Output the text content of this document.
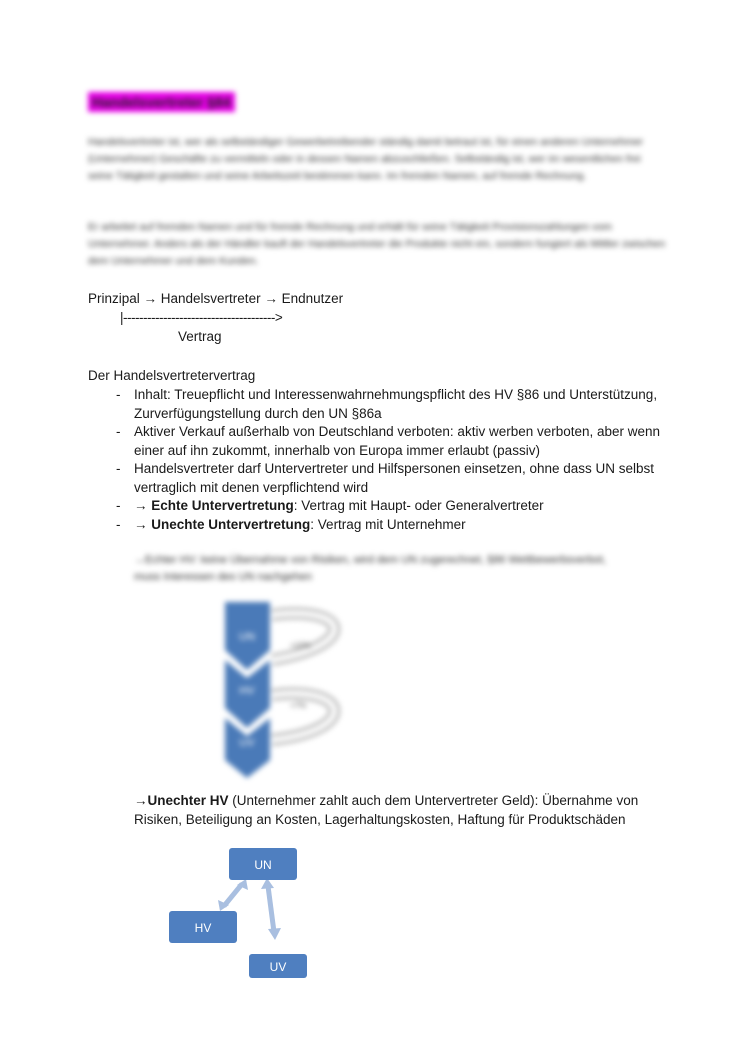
Handelsvertreter §84
Handelsvertreter ist, wer als selbständiger Gewerbetreibender ständig damit betraut ist, für einen anderen Unternehmer (Unternehmer) Geschäfte zu vermitteln oder in dessen Namen abzuschließen. Selbständig ist, wer im wesentlichen frei seine Tätigkeit gestalten und seine Arbeitszeit bestimmen kann. Im fremden Namen, auf fremde Rechnung.
Er arbeitet auf fremden Namen und für fremde Rechnung und erhält für seine Tätigkeit Provisionszahlungen vom Unternehmer. Anders als der Händler kauft der Handelsvertreter die Produkte nicht ein, sondern fungiert als Mittler zwischen dem Unternehmer und dem Kunden.
Prinzipal → Handelsvertreter → Endnutzer
|-------------------------------------->
Vertrag
Der Handelsvertretervertrag
- Inhalt: Treuepflicht und Interessenwahrnehmungspflicht des HV §86 und Unterstützung, Zurverfügungstellung durch den UN §86a
- Aktiver Verkauf außerhalb von Deutschland verboten: aktiv werben verboten, aber wenn einer auf ihn zukommt, innerhalb von Europa immer erlaubt (passiv)
- Handelsvertreter darf Untervertreter und Hilfspersonen einsetzen, ohne dass UN selbst vertraglich mit denen verpflichtend wird
- → Echte Untervertretung: Vertrag mit Haupt- oder Generalvertreter
- → Unechte Untervertretung: Vertrag mit Unternehmer
→Echter HV: keine Übernahme von Risiken, wird dem UN zugerechnet, §86 Wettbewerbsverbot, muss Interessen des UN nachgehen
UN
HV
UV
+10%
+7%
→Unechter HV (Unternehmer zahlt auch dem Untervertreter Geld): Übernahme von
Risiken, Beteiligung an Kosten, Lagerhaltungskosten, Haftung für Produktschäden
UN
HV
UV
